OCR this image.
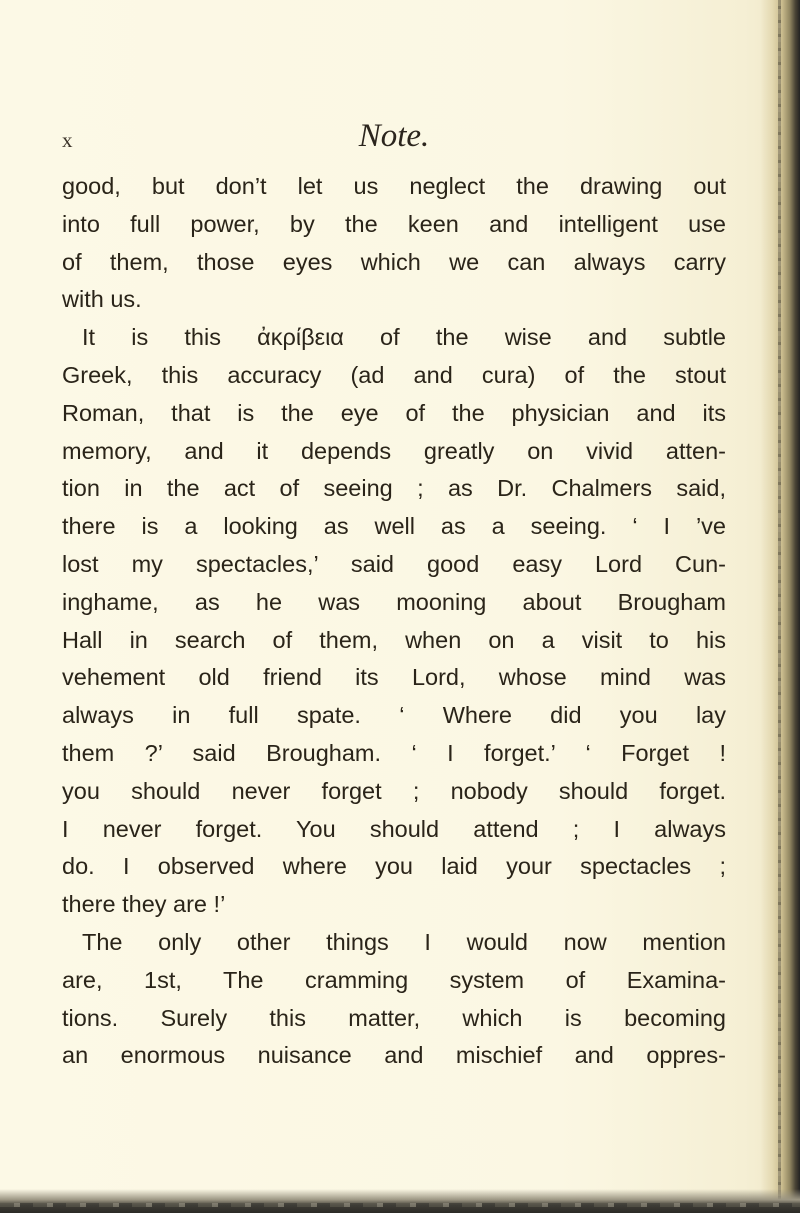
x	Note.
good, but don’t let us neglect the drawing out
into full power, by the keen and intelligent use
of them, those eyes which we can always carry
with us.
It is this ἀκρίβεια of the wise and subtle
Greek, this accuracy (ad and cura) of the stout
Roman, that is the eye of the physician and its
memory, and it depends greatly on vivid atten-
tion in the act of seeing ; as Dr. Chalmers said,
there is a looking as well as a seeing. ‘ I ’ve
lost my spectacles,’ said good easy Lord Cun-
inghame, as he was mooning about Brougham
Hall in search of them, when on a visit to his
vehement old friend its Lord, whose mind was
always in full spate. ‘ Where did you lay
them ?’ said Brougham. ‘ I forget.’ ‘ Forget !
you should never forget ; nobody should forget.
I never forget. You should attend ; I always
do. I observed where you laid your spectacles ;
there they are !’
The only other things I would now mention
are, 1st, The cramming system of Examina-
tions. Surely this matter, which is becoming
an enormous nuisance and mischief and oppres-
